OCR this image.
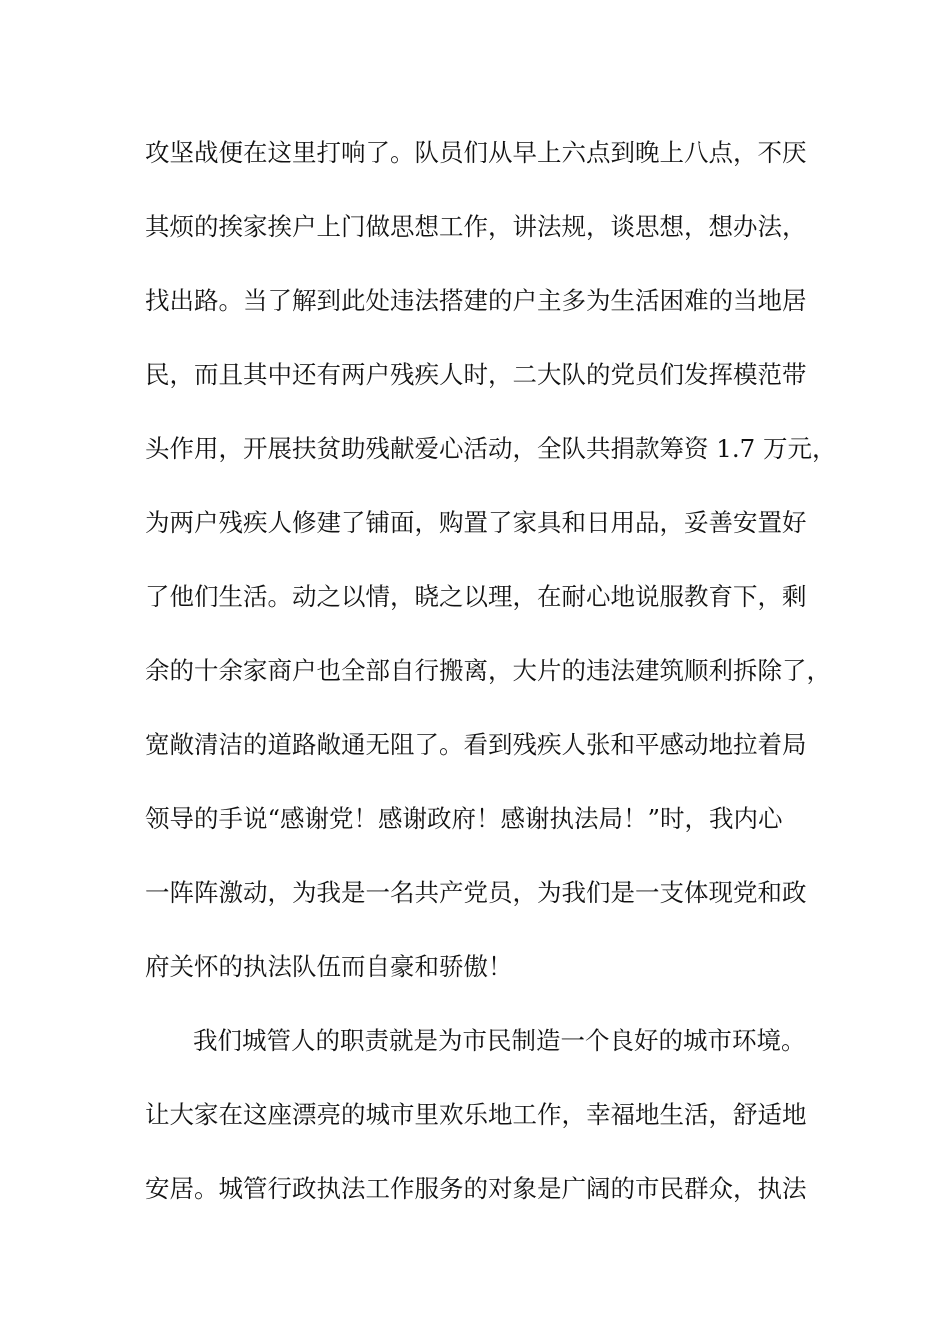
攻坚战便在这里打响了。队员们从早上六点到晚上八点，不厌

其烦的挨家挨户上门做思想工作，讲法规，谈思想，想办法，

找出路。当了解到此处违法搭建的户主多为生活困难的当地居

民，而且其中还有两户残疾人时，二大队的党员们发挥模范带

头作用，开展扶贫助残献爱心活动，全队共捐款筹资 1.7 万元，

为两户残疾人修建了铺面，购置了家具和日用品，妥善安置好

了他们生活。动之以情，晓之以理，在耐心地说服教育下，剩

余的十余家商户也全部自行搬离，大片的违法建筑顺利拆除了，

宽敞清洁的道路敞通无阻了。看到残疾人张和平感动地拉着局

领导的手说“感谢党！感谢政府！感谢执法局！”时，我内心

一阵阵激动，为我是一名共产党员，为我们是一支体现党和政

府关怀的执法队伍而自豪和骄傲！

我们城管人的职责就是为市民制造一个良好的城市环境。

让大家在这座漂亮的城市里欢乐地工作，幸福地生活，舒适地

安居。城管行政执法工作服务的对象是广阔的市民群众，执法
